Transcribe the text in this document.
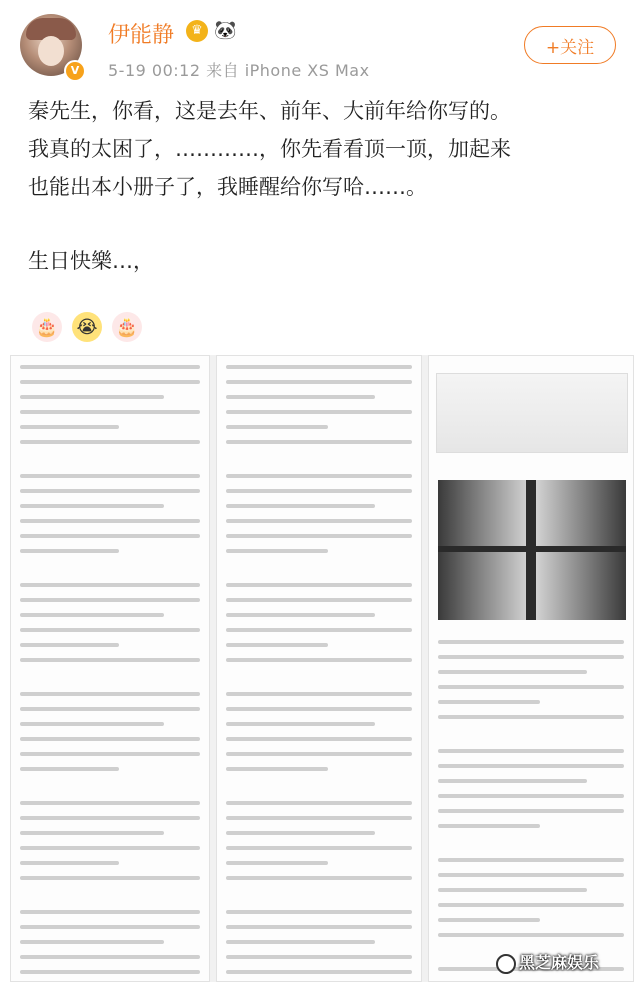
V
伊能静	♛ 🐼
5-19 00:12 来自 iPhone XS Max
+关注

秦先生，你看，这是去年、前年、大前年给你写的。

我真的太困了，…………，你先看看顶一顶，加起来

也能出本小册子了，我睡醒给你写哈……。

生日快樂…，

🎂 😭 🎂
黑芝麻娱乐
